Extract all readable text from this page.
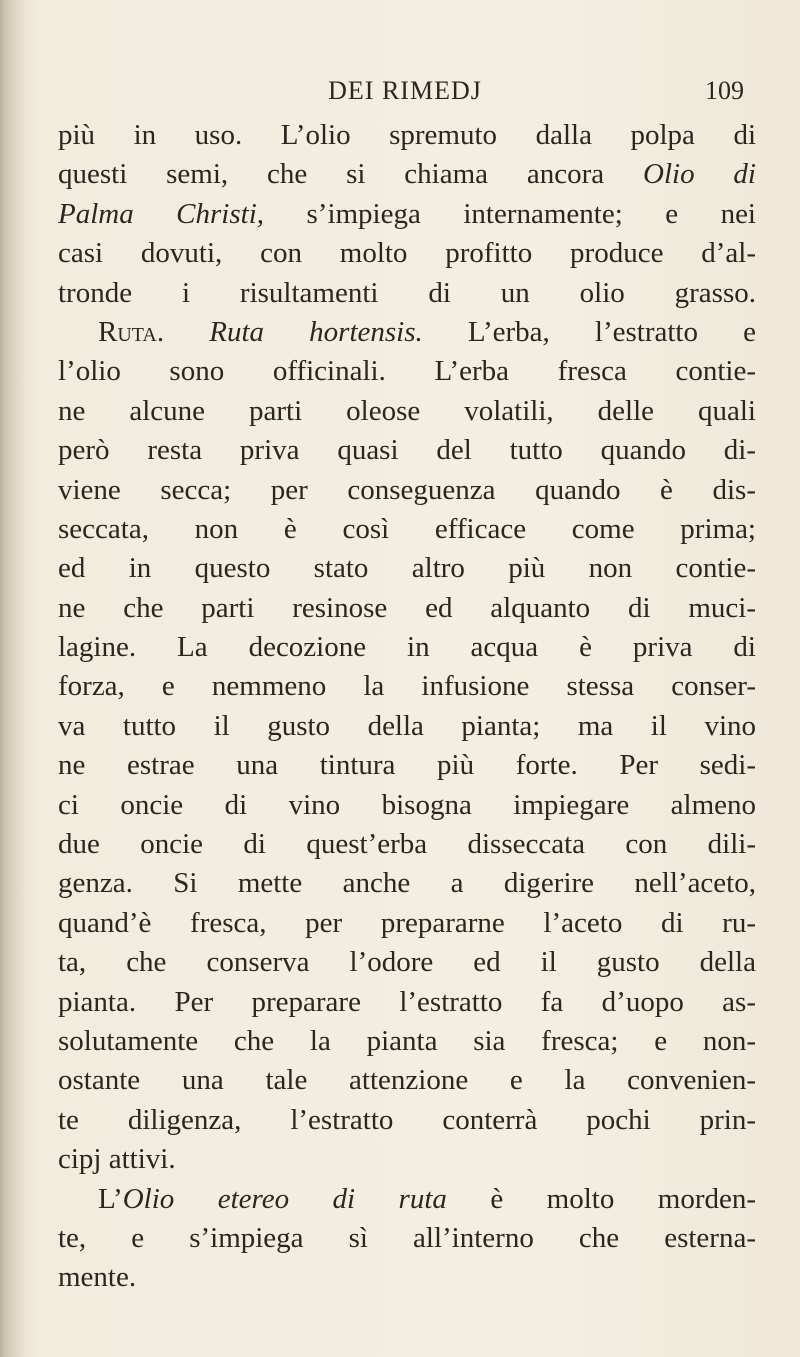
DEI RIMEDJ	109
più in uso. L’olio spremuto dalla polpa di
questi semi, che si chiama ancora Olio di
Palma Christi, s’impiega internamente; e nei
casi dovuti, con molto profitto produce d’al-
tronde i risultamenti di un olio grasso.
Ruta. Ruta hortensis. L’erba, l’estratto e
l’olio sono officinali. L’erba fresca contie-
ne alcune parti oleose volatili, delle quali
però resta priva quasi del tutto quando di-
viene secca; per conseguenza quando è dis-
seccata, non è così efficace come prima;
ed in questo stato altro più non contie-
ne che parti resinose ed alquanto di muci-
lagine. La decozione in acqua è priva di
forza, e nemmeno la infusione stessa conser-
va tutto il gusto della pianta; ma il vino
ne estrae una tintura più forte. Per sedi-
ci oncie di vino bisogna impiegare almeno
due oncie di quest’erba disseccata con dili-
genza. Si mette anche a digerire nell’aceto,
quand’è fresca, per prepararne l’aceto di ru-
ta, che conserva l’odore ed il gusto della
pianta. Per preparare l’estratto fa d’uopo as-
solutamente che la pianta sia fresca; e non-
ostante una tale attenzione e la convenien-
te diligenza, l’estratto conterrà pochi prin-
cipj attivi.
L’Olio etereo di ruta è molto morden-
te, e s’impiega sì all’interno che esterna-
mente.
